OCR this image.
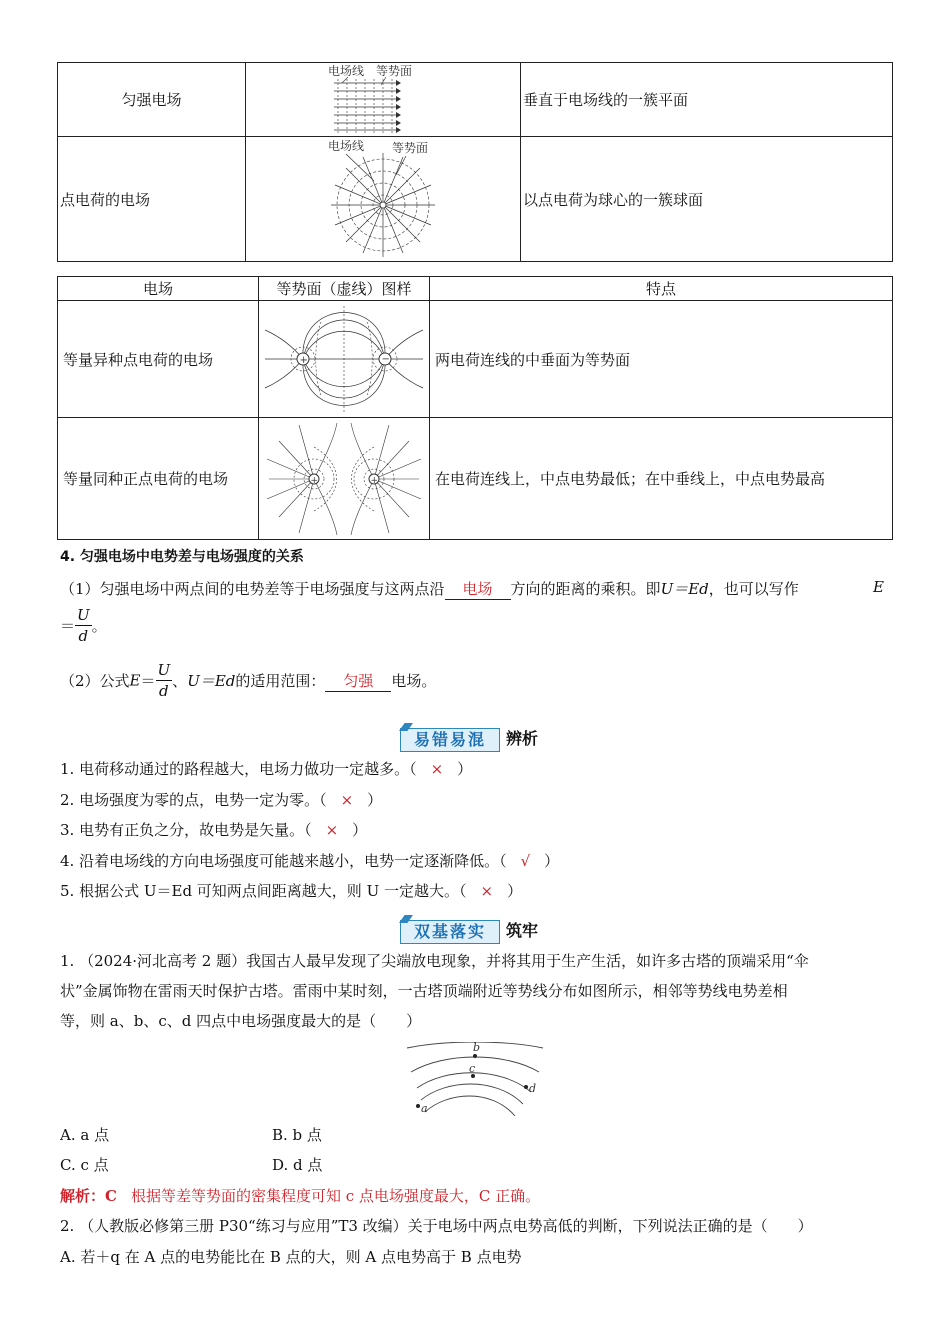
匀强电场	电场线 等势面	垂直于电场线的一簇平面
点电荷的电场	电场线 等势面	以点电荷为球心的一簇球面
电场	等势面（虚线）图样	特点
等量异种点电荷的电场	+ −	两电荷连线的中垂面为等势面
等量同种正点电荷的电场	+ +	在电荷连线上，中点电势最低；在中垂线上，中点电势最高
4. 匀强电场中电势差与电场强度的关系
（1）匀强电场中两点间的电势差等于电场强度与这两点沿 电场 方向的距离的乘积。即U＝Ed，也可以写作	E
＝ $\frac{U}{d}$ 。
（2）公式$E= \frac{U}{d}$ 、U＝Ed的适用范围： 匀强 电场。
易错易混	辨析
1. 电荷移动通过的路程越大，电场力做功一定越多。（ × ）
2. 电场强度为零的点，电势一定为零。（ × ）
3. 电势有正负之分，故电势是矢量。（ × ）
4. 沿着电场线的方向电场强度可能越来越小，电势一定逐渐降低。（ √ ）
5. 根据公式 U＝Ed 可知两点间距离越大，则 U 一定越大。（ × ）
双基落实	筑牢
1. （2024·河北高考 2 题）我国古人最早发现了尖端放电现象，并将其用于生产生活，如许多古塔的顶端采用“伞
状”金属饰物在雷雨天时保护古塔。雷雨中某时刻，一古塔顶端附近等势线分布如图所示，相邻等势线电势差相
等，则 a、b、c、d 四点中电场强度最大的是（　　）
b
c
d
a
A. a 点	B. b 点
C. c 点	D. d 点
解析：C 根据等差等势面的密集程度可知 c 点电场强度最大，C 正确。
2. （人教版必修第三册 P30“练习与应用”T3 改编）关于电场中两点电势高低的判断，下列说法正确的是（　　）
A. 若＋q 在 A 点的电势能比在 B 点的大，则 A 点电势高于 B 点电势
